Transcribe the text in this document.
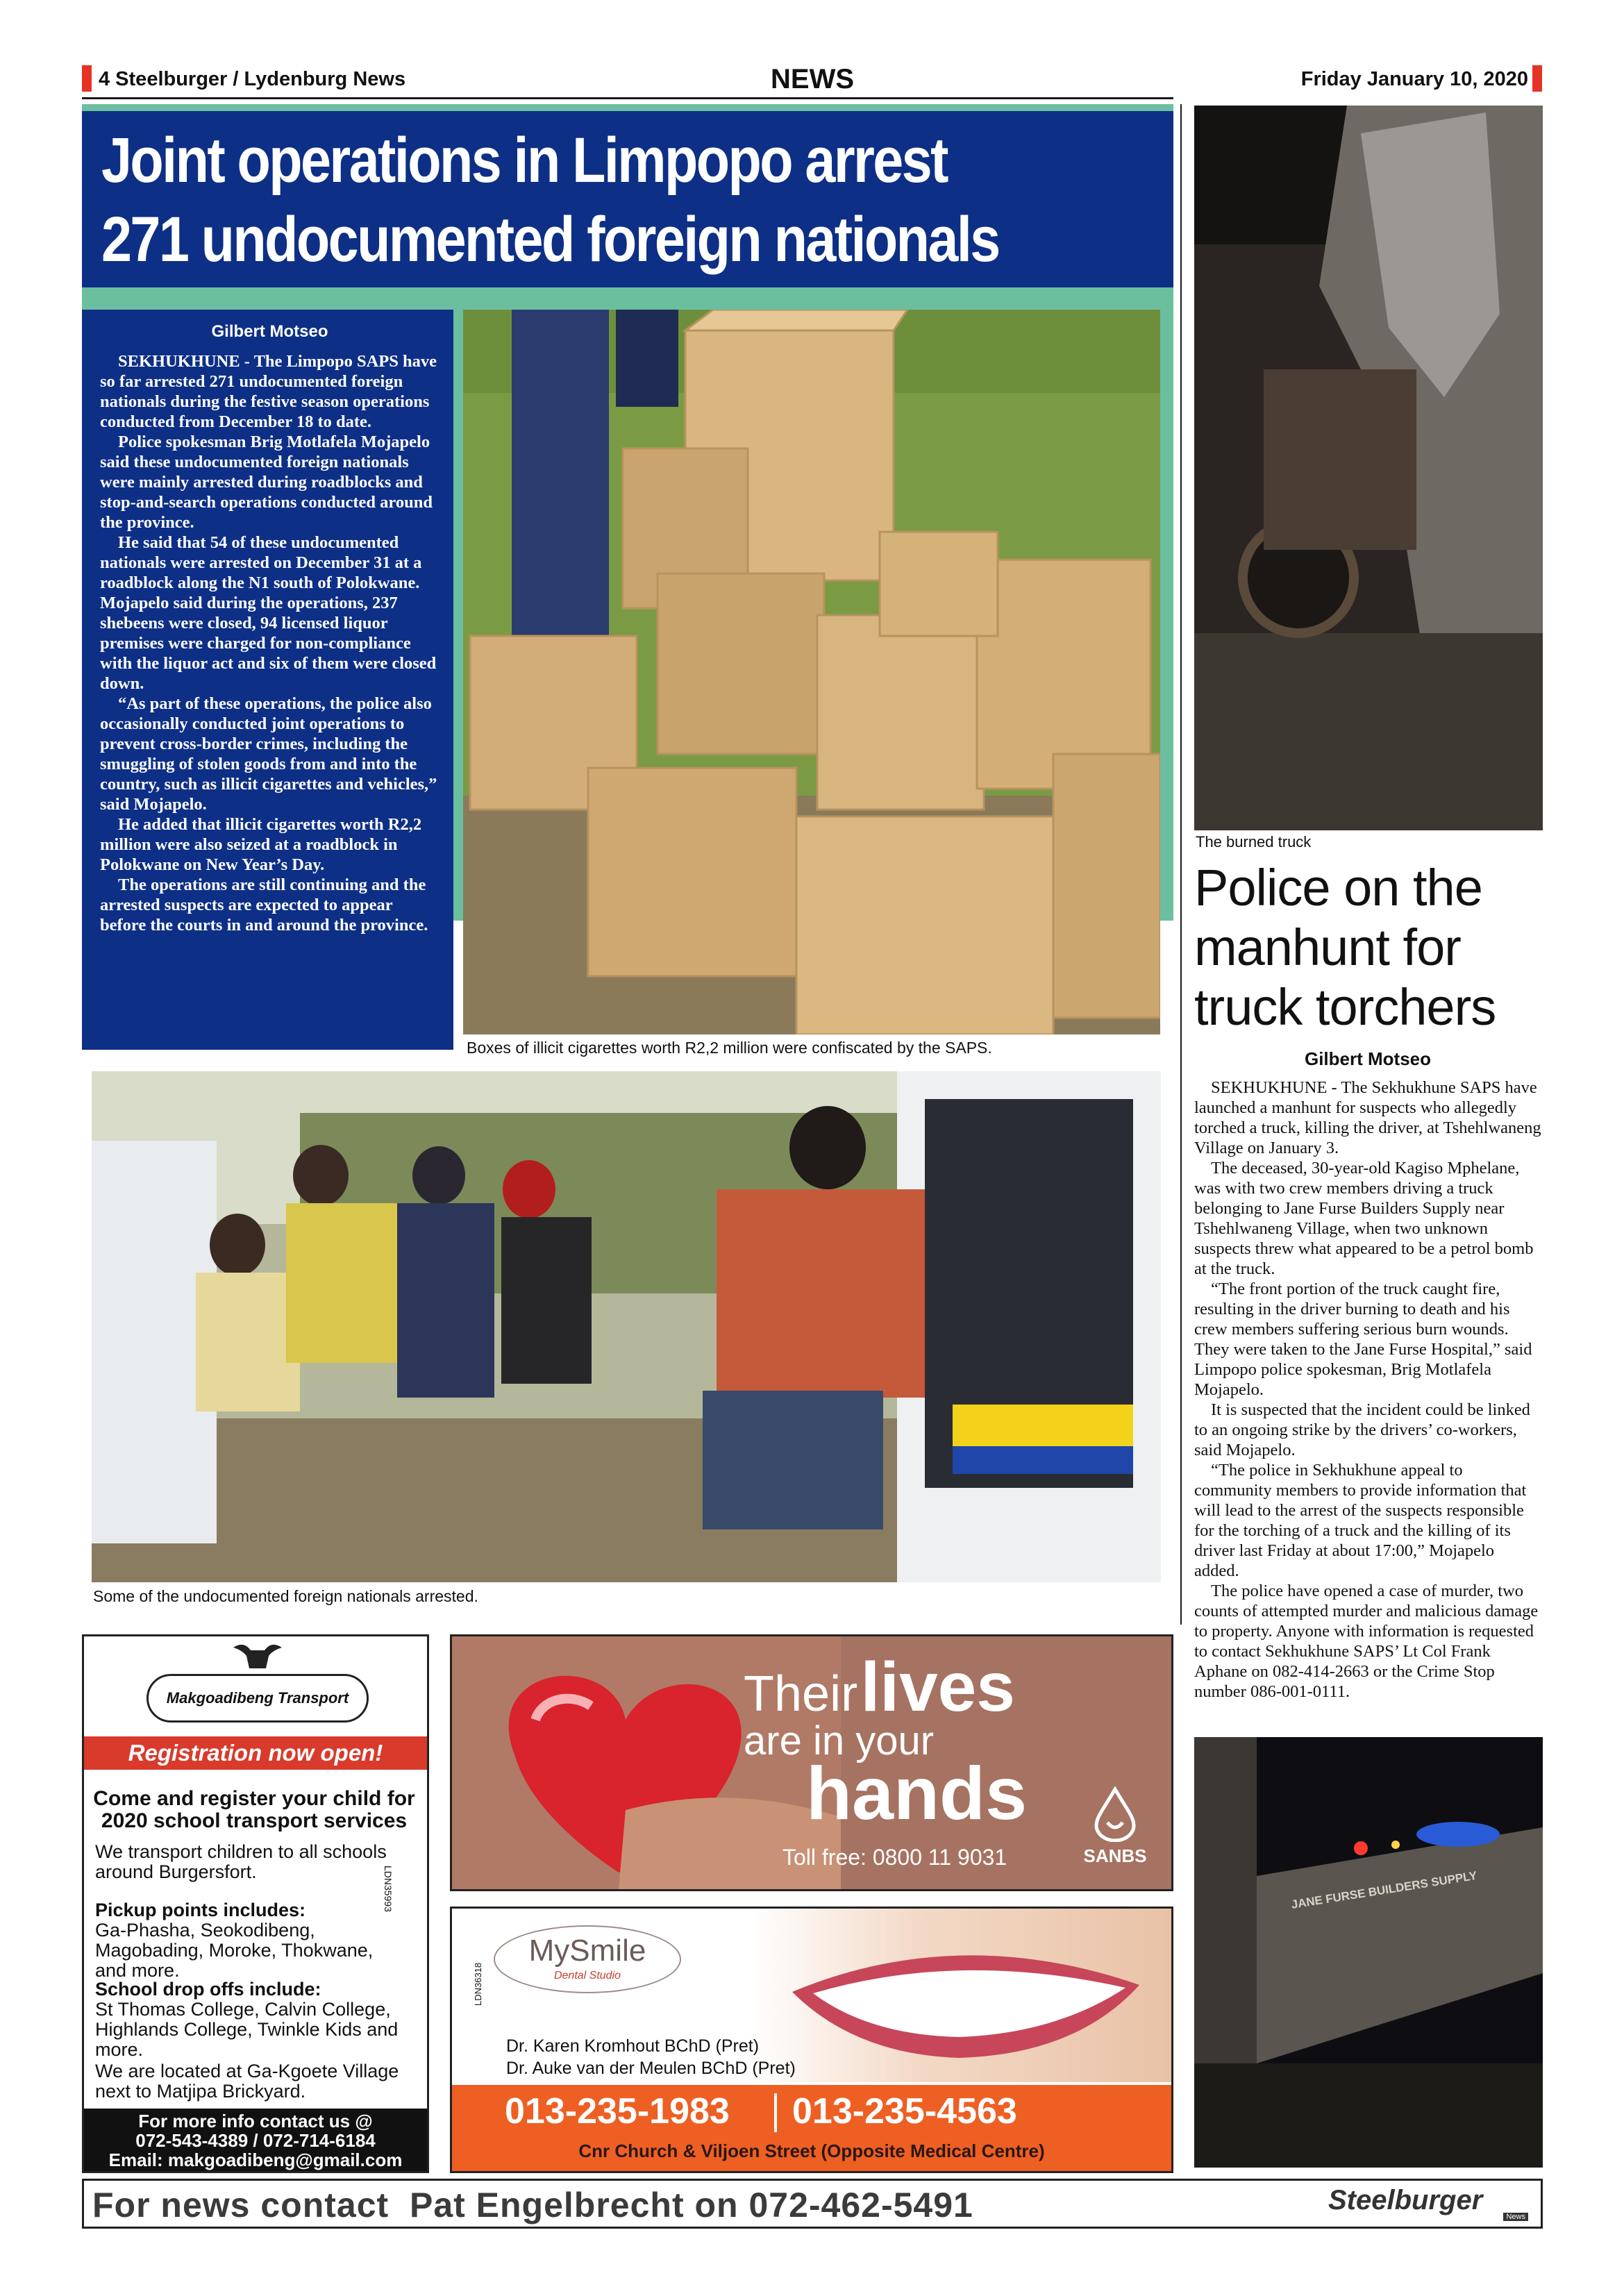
4 Steelburger / Lydenburg News	NEWS	Friday January 10, 2020
Joint operations in Limpopo arrest
271 undocumented foreign nationals
Gilbert Motseo

SEKHUKHUNE - The Limpopo SAPS have so far arrested 271 undocumented foreign nationals during the festive season operations conducted from December 18 to date.

Police spokesman Brig Motlafela Mojapelo said these undocumented foreign nationals were mainly arrested during roadblocks and stop-and-search operations conducted around the province.

He said that 54 of these undocumented nationals were arrested on December 31 at a roadblock along the N1 south of Polokwane. Mojapelo said during the operations, 237 shebeens were closed, 94 licensed liquor premises were charged for non-compliance with the liquor act and six of them were closed down.

“As part of these operations, the police also occasionally conducted joint operations to prevent cross-border crimes, including the smuggling of stolen goods from and into the country, such as illicit cigarettes and vehicles,” said Mojapelo.

He added that illicit cigarettes worth R2,2 million were also seized at a roadblock in Polokwane on New Year’s Day.

The operations are still continuing and the arrested suspects are expected to appear before the courts in and around the province.

Boxes of illicit cigarettes worth R2,2 million were confiscated by the SAPS.
Some of the undocumented foreign nationals arrested.
The burned truck
Police on the
manhunt for
truck torchers
Gilbert Motseo

SEKHUKHUNE - The Sekhukhune SAPS have launched a manhunt for suspects who allegedly torched a truck, killing the driver, at Tshehlwaneng Village on January 3.

The deceased, 30-year-old Kagiso Mphelane, was with two crew members driving a truck belonging to Jane Furse Builders Supply near Tshehlwaneng Village, when two unknown suspects threw what appeared to be a petrol bomb at the truck.

“The front portion of the truck caught fire, resulting in the driver burning to death and his crew members suffering serious burn wounds. They were taken to the Jane Furse Hospital,” said Limpopo police spokesman, Brig Motlafela Mojapelo.

It is suspected that the incident could be linked to an ongoing strike by the drivers’ co-workers, said Mojapelo.

“The police in Sekhukhune appeal to community members to provide information that will lead to the arrest of the suspects responsible for the torching of a truck and the killing of its driver last Friday at about 17:00,” Mojapelo added.

The police have opened a case of murder, two counts of attempted murder and malicious damage to property. Anyone with information is requested to contact Sekhukhune SAPS’ Lt Col Frank Aphane on 082-414-2663 or the Crime Stop number 086-001-0111.

JANE FURSE BUILDERS SUPPLY
Makgoadibeng Transport
Registration now open!
Come and register your child for 2020 school transport services
We transport children to all schools around Burgersfort.
Pickup points includes:
Ga-Phasha, Seokodibeng, Magobading, Moroke, Thokwane, and more.
School drop offs include:
St Thomas College, Calvin College, Highlands College, Twinkle Kids and more.
We are located at Ga-Kgoete Village next to Matjipa Brickyard.
LDN35993
For more info contact us @
072-543-4389 / 072-714-6184
Email: makgoadibeng@gmail.com
Their lives
are in your
hands
Toll free: 0800 11 9031	SANBS
MySmile
Dental Studio
LDN36318
Dr. Karen Kromhout BChD (Pret)
Dr. Auke van der Meulen BChD (Pret)
013-235-1983 013-235-4563
Cnr Church & Viljoen Street (Opposite Medical Centre)
For news contact  Pat Engelbrecht on 072-462-5491	Steelburger
News
